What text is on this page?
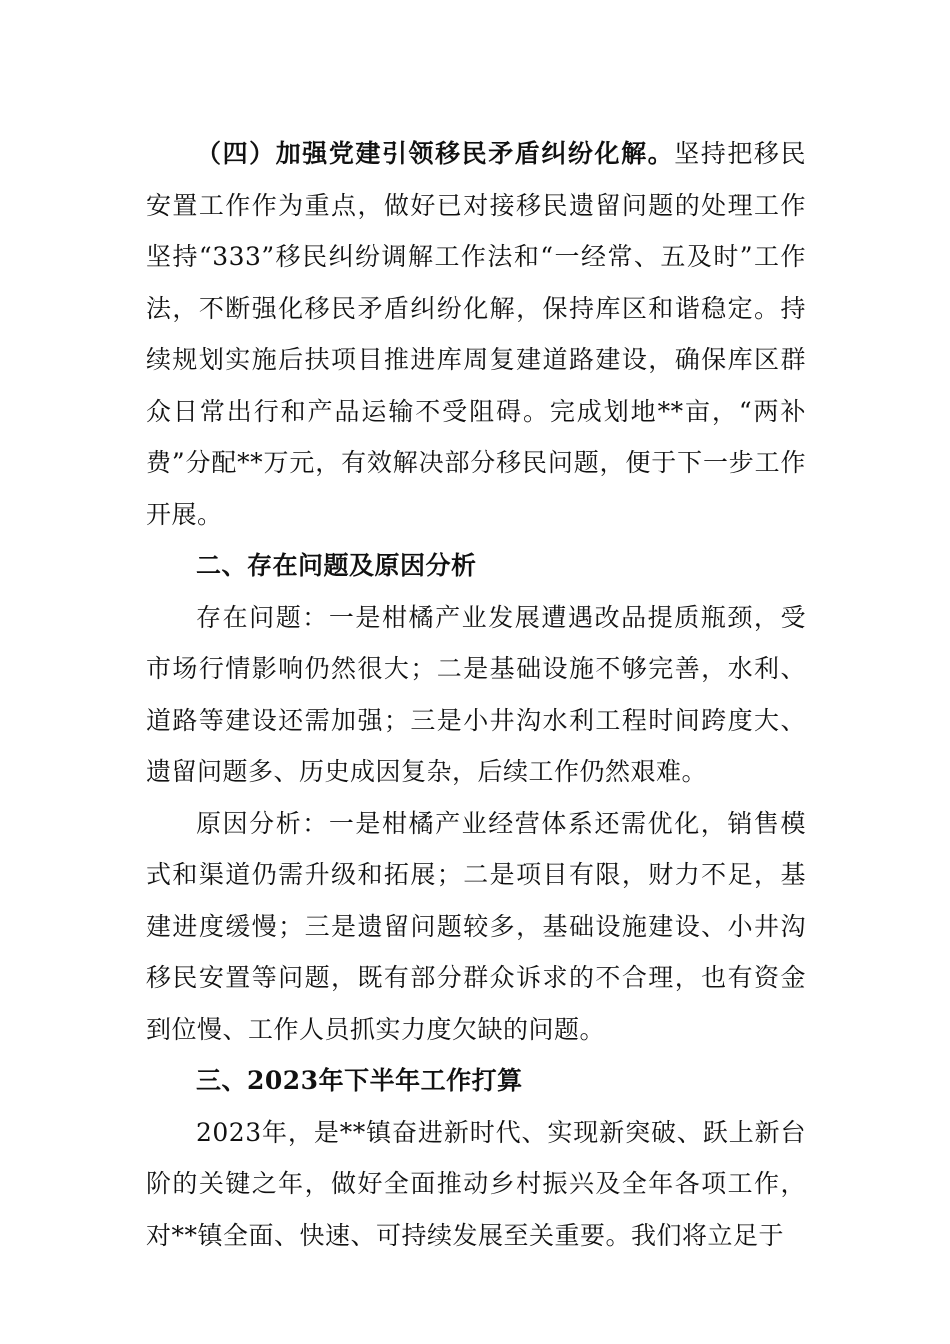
（四）加强党建引领移民矛盾纠纷化解。坚持把移民安置工作作为重点，做好已对接移民遗留问题的处理工作坚持“333”移民纠纷调解工作法和“一经常、五及时”工作法，不断强化移民矛盾纠纷化解，保持库区和谐稳定。持续规划实施后扶项目推进库周复建道路建设，确保库区群众日常出行和产品运输不受阻碍。完成划地**亩，“两补费”分配**万元，有效解决部分移民问题，便于下一步工作开展。

二、存在问题及原因分析

存在问题：一是柑橘产业发展遭遇改品提质瓶颈，受市场行情影响仍然很大；二是基础设施不够完善，水利、道路等建设还需加强；三是小井沟水利工程时间跨度大、遗留问题多、历史成因复杂，后续工作仍然艰难。

原因分析：一是柑橘产业经营体系还需优化，销售模式和渠道仍需升级和拓展；二是项目有限，财力不足，基建进度缓慢；三是遗留问题较多，基础设施建设、小井沟移民安置等问题，既有部分群众诉求的不合理，也有资金到位慢、工作人员抓实力度欠缺的问题。

三、2023年下半年工作打算

2023年，是**镇奋进新时代、实现新突破、跃上新台阶的关键之年，做好全面推动乡村振兴及全年各项工作，对**镇全面、快速、可持续发展至关重要。我们将立足于
